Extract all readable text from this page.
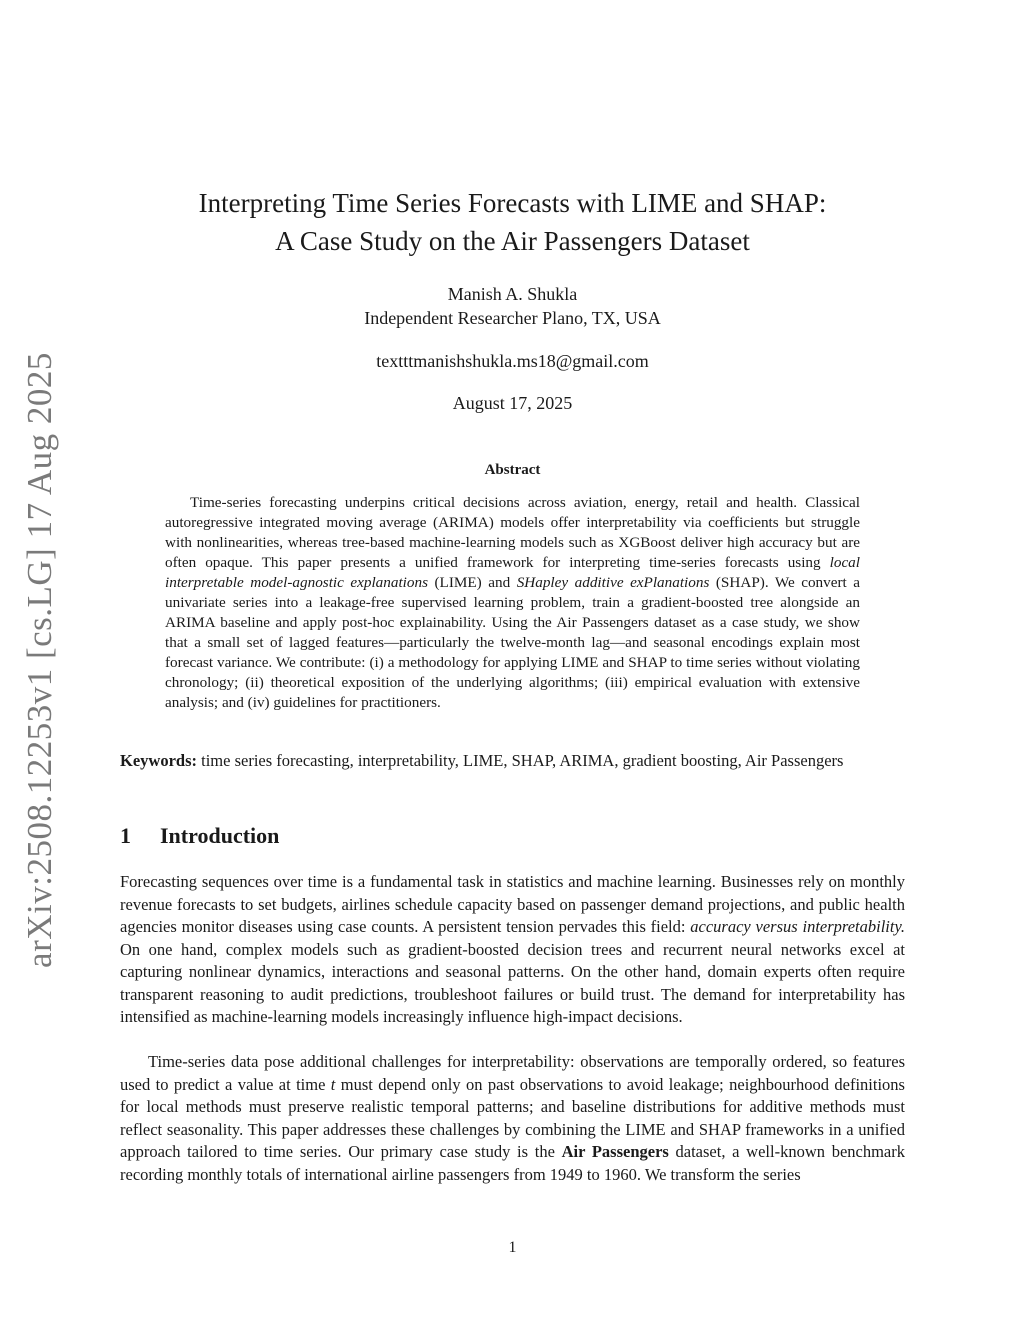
arXiv:2508.12253v1 [cs.LG] 17 Aug 2025
Interpreting Time Series Forecasts with LIME and SHAP:
A Case Study on the Air Passengers Dataset
Manish A. Shukla
Independent Researcher Plano, TX, USA
textttmanishshukla.ms18@gmail.com
August 17, 2025
Abstract

Time-series forecasting underpins critical decisions across aviation, energy, retail and health. Classical autoregressive integrated moving average (ARIMA) models offer interpretability via coefficients but struggle with nonlinearities, whereas tree-based machine-learning models such as XGBoost deliver high accuracy but are often opaque. This paper presents a unified framework for interpreting time-series forecasts using local interpretable model-agnostic explanations (LIME) and SHapley additive exPlanations (SHAP). We convert a univariate series into a leakage-free supervised learning problem, train a gradient-boosted tree alongside an ARIMA baseline and apply post-hoc explainability. Using the Air Passengers dataset as a case study, we show that a small set of lagged features—particularly the twelve-month lag—and seasonal encodings explain most forecast variance. We contribute: (i) a methodology for applying LIME and SHAP to time series without violating chronology; (ii) theoretical exposition of the underlying algorithms; (iii) empirical evaluation with extensive analysis; and (iv) guidelines for practitioners.

Keywords: time series forecasting, interpretability, LIME, SHAP, ARIMA, gradient boosting, Air Passengers

1 Introduction

Forecasting sequences over time is a fundamental task in statistics and machine learning. Businesses rely on monthly revenue forecasts to set budgets, airlines schedule capacity based on passenger demand projections, and public health agencies monitor diseases using case counts. A persistent tension pervades this field: accuracy versus interpretability. On one hand, complex models such as gradient-boosted decision trees and recurrent neural networks excel at capturing nonlinear dynamics, interactions and seasonal patterns. On the other hand, domain experts often require transparent reasoning to audit predictions, troubleshoot failures or build trust. The demand for interpretability has intensified as machine-learning models increasingly influence high-impact decisions.

Time-series data pose additional challenges for interpretability: observations are temporally ordered, so features used to predict a value at time t must depend only on past observations to avoid leakage; neighbourhood definitions for local methods must preserve realistic temporal patterns; and baseline distributions for additive methods must reflect seasonality. This paper addresses these challenges by combining the LIME and SHAP frameworks in a unified approach tailored to time series. Our primary case study is the Air Passengers dataset, a well-known benchmark recording monthly totals of international airline passengers from 1949 to 1960. We transform the series

1
